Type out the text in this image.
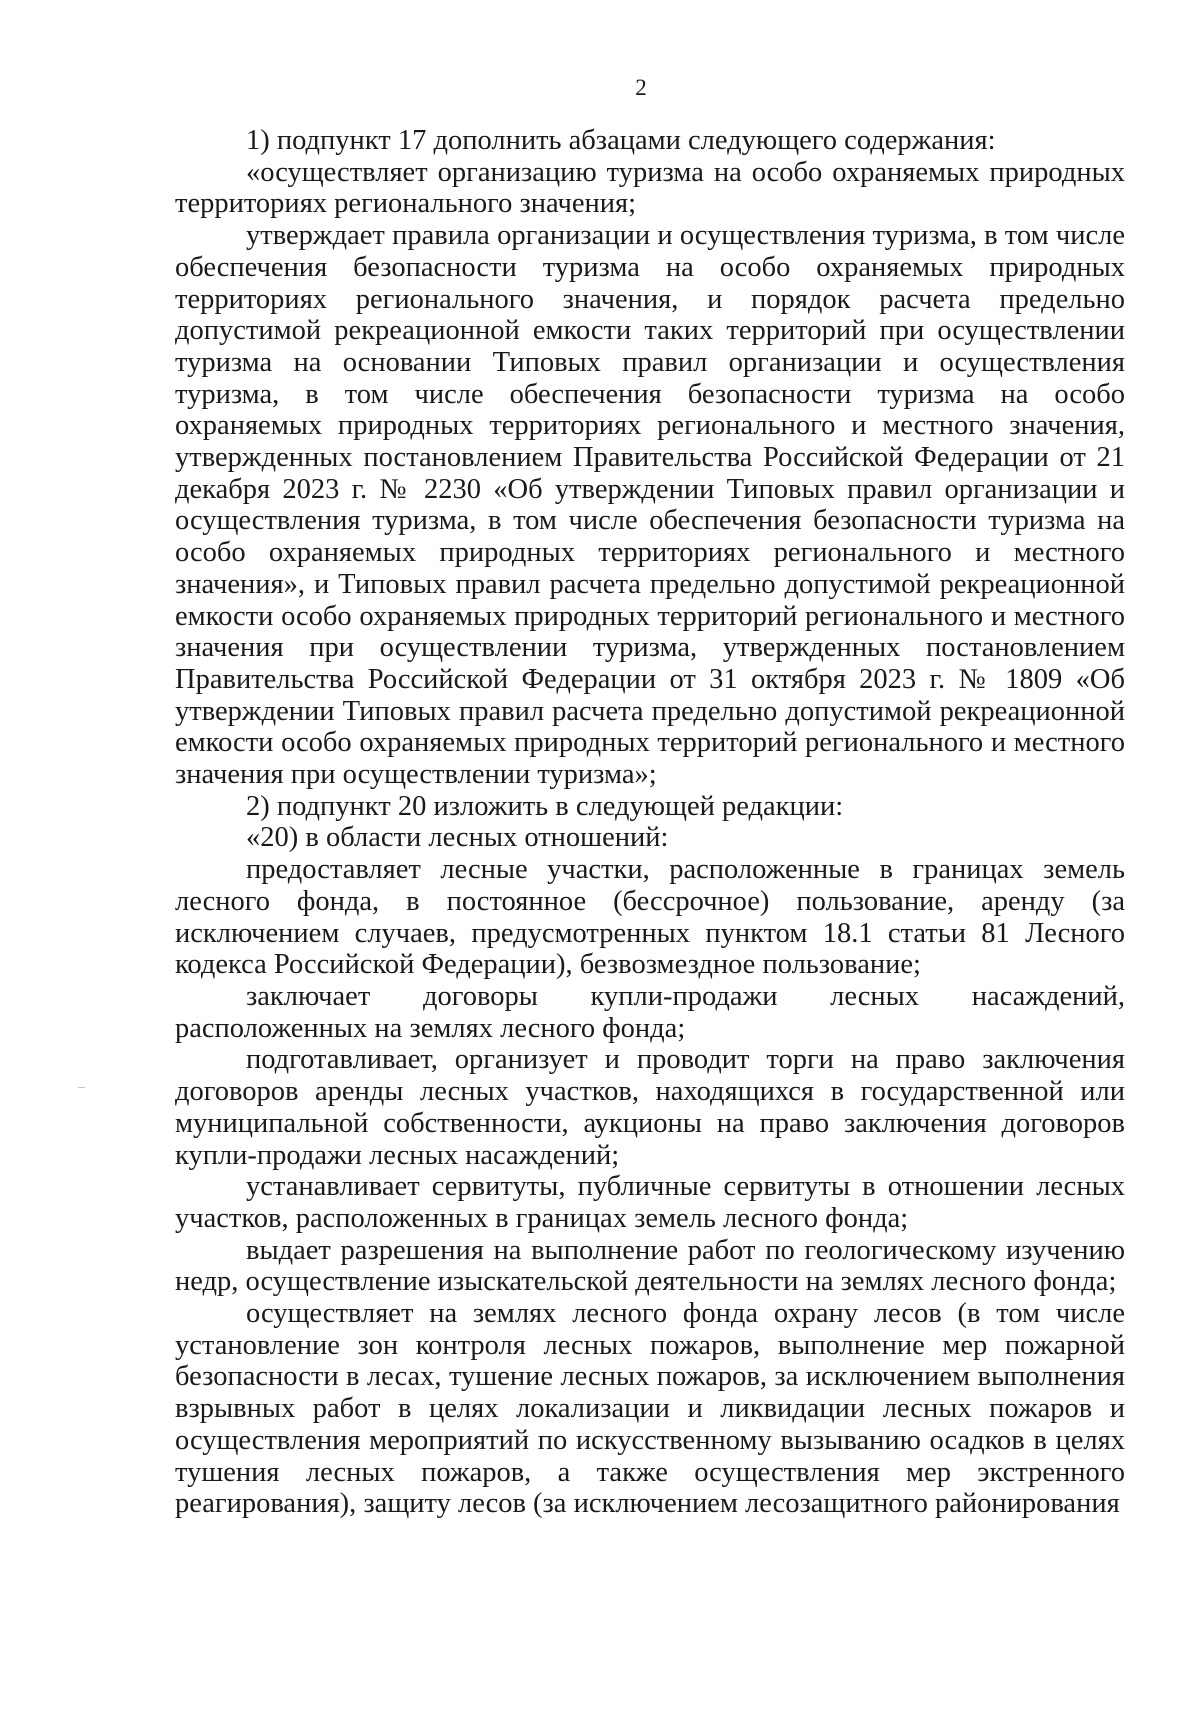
2

1) подпункт 17 дополнить абзацами следующего содержания:

«осуществляет организацию туризма на особо охраняемых природных территориях регионального значения;

утверждает правила организации и осуществления туризма, в том числе обеспечения безопасности туризма на особо охраняемых природных территориях регионального значения, и порядок расчета предельно допустимой рекреационной емкости таких территорий при осуществлении туризма на основании Типовых правил организации и осуществления туризма, в том числе обеспечения безопасности туризма на особо охраняемых природных территориях регионального и местного значения, утвержденных постановлением Правительства Российской Федерации от 21 декабря 2023 г. № 2230 «Об утверждении Типовых правил организации и осуществления туризма, в том числе обеспечения безопасности туризма на особо охраняемых природных территориях регионального и местного значения», и Типовых правил расчета предельно допустимой рекреационной емкости особо охраняемых природных территорий регионального и местного значения при осуществлении туризма, утвержденных постановлением Правительства Российской Федерации от 31 октября 2023 г. № 1809 «Об утверждении Типовых правил расчета предельно допустимой рекреационной емкости особо охраняемых природных территорий регионального и местного значения при осуществлении туризма»;

2) подпункт 20 изложить в следующей редакции:

«20) в области лесных отношений:

предоставляет лесные участки, расположенные в границах земель лесного фонда, в постоянное (бессрочное) пользование, аренду (за исключением случаев, предусмотренных пунктом 18.1 статьи 81 Лесного кодекса Российской Федерации), безвозмездное пользование;

заключает договоры купли-продажи лесных насаждений, расположенных на землях лесного фонда;

подготавливает, организует и проводит торги на право заключения договоров аренды лесных участков, находящихся в государственной или муниципальной собственности, аукционы на право заключения договоров купли-продажи лесных насаждений;

устанавливает сервитуты, публичные сервитуты в отношении лесных участков, расположенных в границах земель лесного фонда;

выдает разрешения на выполнение работ по геологическому изучению недр, осуществление изыскательской деятельности на землях лесного фонда;

осуществляет на землях лесного фонда охрану лесов (в том числе установление зон контроля лесных пожаров, выполнение мер пожарной безопасности в лесах, тушение лесных пожаров, за исключением выполнения взрывных работ в целях локализации и ликвидации лесных пожаров и осуществления мероприятий по искусственному вызыванию осадков в целях тушения лесных пожаров, а также осуществления мер экстренного реагирования), защиту лесов (за исключением лесозащитного районирования
